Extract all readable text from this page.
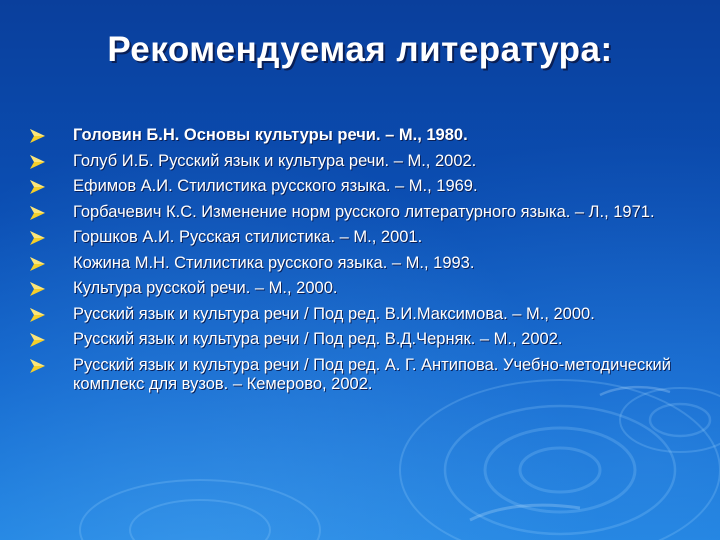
Рекомендуемая литература:
Головин Б.Н. Основы культуры речи. – М., 1980.
Голуб И.Б. Русский язык и культура речи. – М., 2002.
Ефимов А.И. Стилистика русского языка. – М., 1969.
Горбачевич К.С. Изменение норм русского литературного языка. – Л., 1971.
Горшков А.И. Русская стилистика. – М., 2001.
Кожина М.Н. Стилистика русского языка. – М., 1993.
Культура русской речи. – М., 2000.
Русский язык и культура речи / Под ред. В.И.Максимова. – М., 2000.
Русский язык и культура речи / Под ред. В.Д.Черняк. – М., 2002.
Русский язык и культура речи / Под ред. А. Г. Антипова. Учебно-методический комплекс для вузов. – Кемерово, 2002.
